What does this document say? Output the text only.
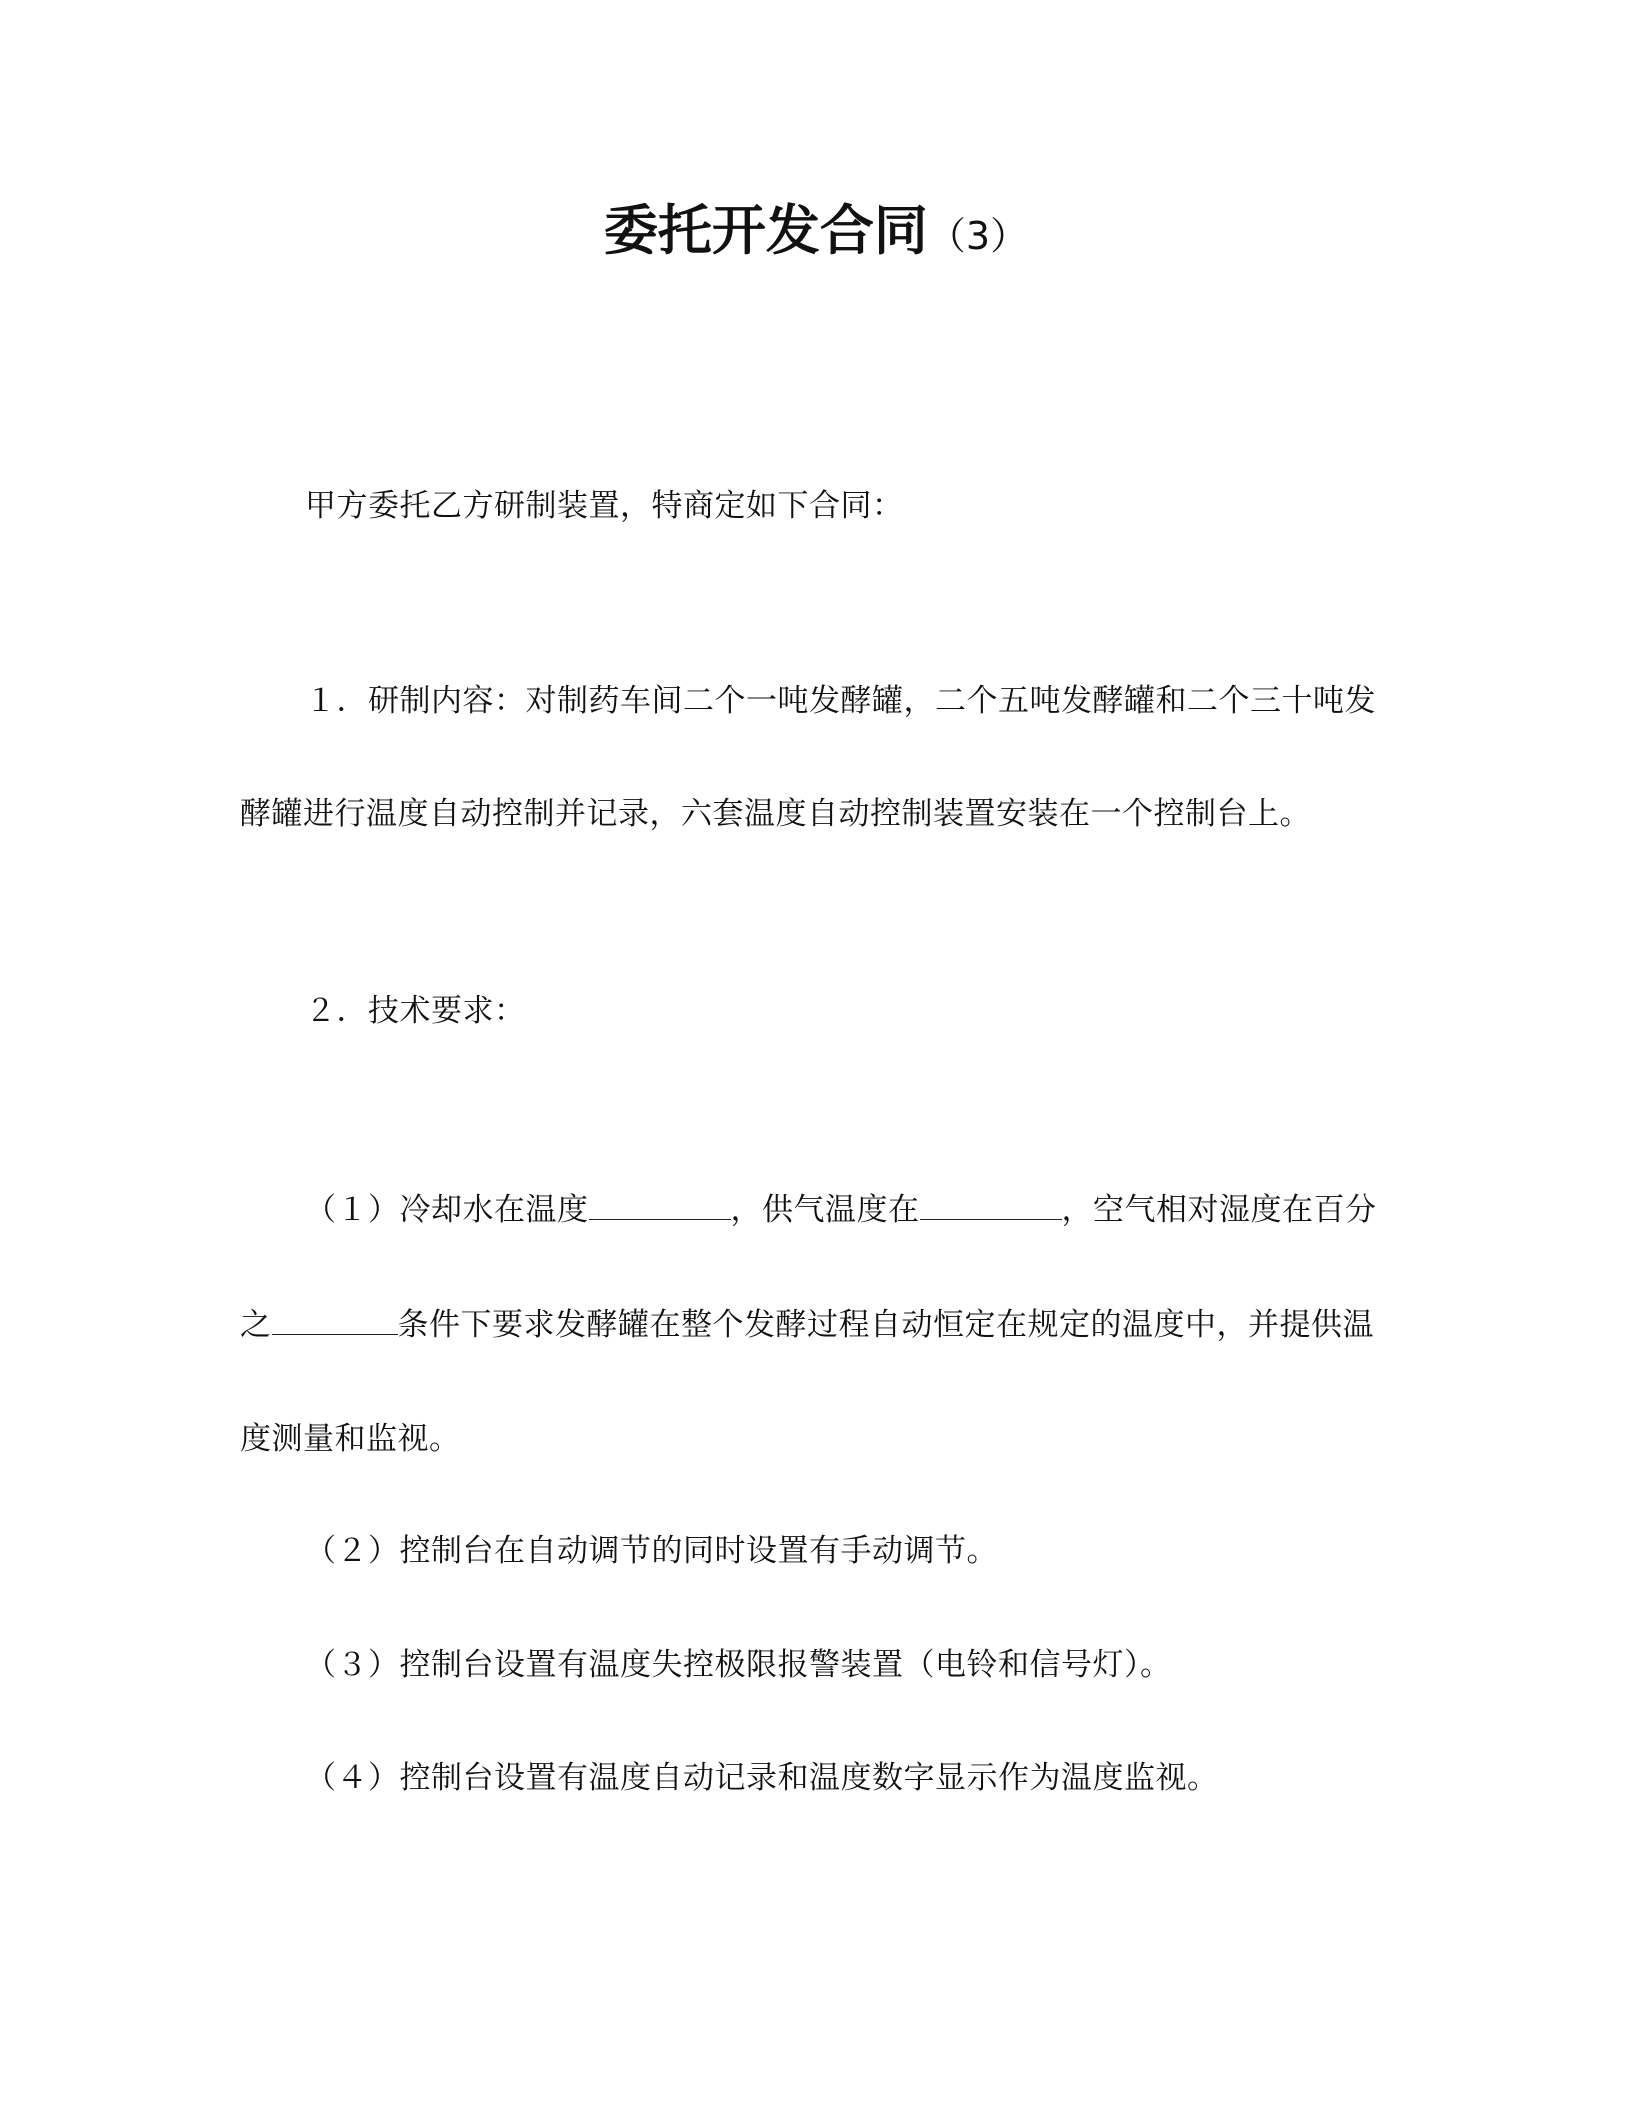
委托开发合同（3）
甲方委托乙方研制装置，特商定如下合同：
１．研制内容：对制药车间二个一吨发酵罐，二个五吨发酵罐和二个三十吨发
酵罐进行温度自动控制并记录，六套温度自动控制装置安装在一个控制台上。
２．技术要求：
（１）冷却水在温度	，供气温度在	，空气相对湿度在百分
之	条件下要求发酵罐在整个发酵过程自动恒定在规定的温度中，并提供温
度测量和监视。
（２）控制台在自动调节的同时设置有手动调节。
（３）控制台设置有温度失控极限报警装置（电铃和信号灯）。
（４）控制台设置有温度自动记录和温度数字显示作为温度监视。
